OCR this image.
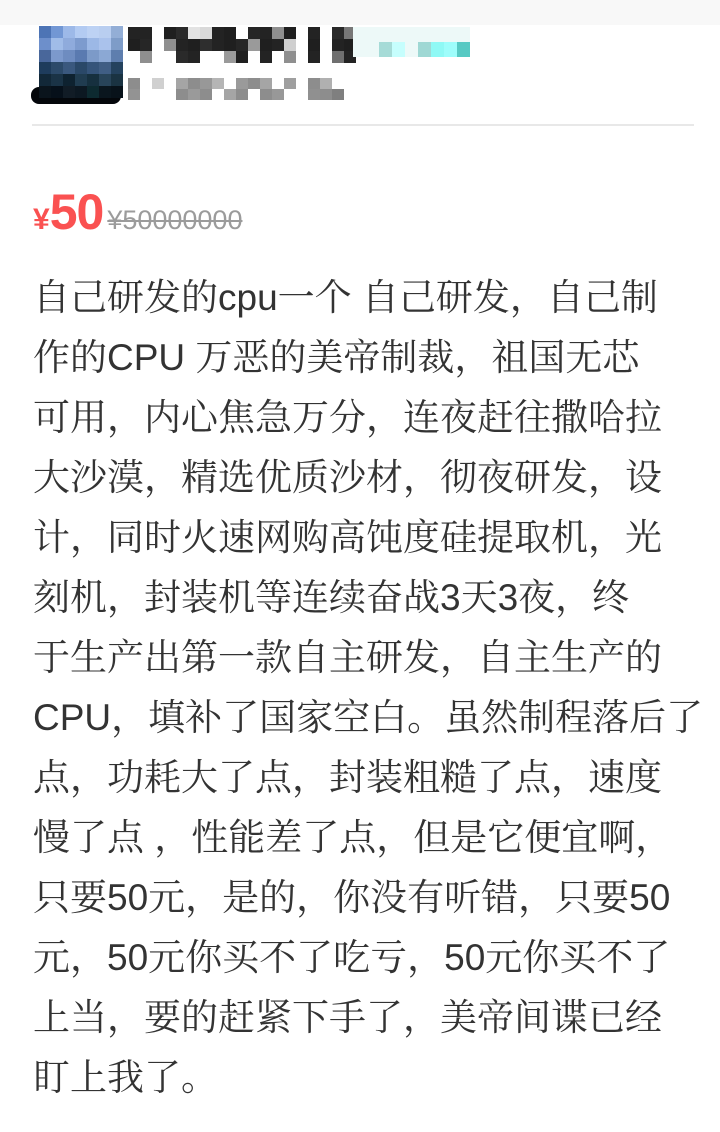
¥ 50 ¥50000000
自己研发的cpu一个 自己研发，自己制
作的CPU 万恶的美帝制裁，祖国无芯
可用，内心焦急万分，连夜赶往撒哈拉
大沙漠，精选优质沙材，彻夜研发，设
计，同时火速网购高饨度硅提取机，光
刻机，封装机等连续奋战3天3夜，终
于生产出第一款自主研发，自主生产的
CPU，填补了国家空白。虽然制程落后了
点，功耗大了点，封装粗糙了点，速度
慢了点 ，性能差了点，但是它便宜啊，
只要50元，是的，你没有听错，只要50
元，50元你买不了吃亏，50元你买不了
上当，要的赶紧下手了，美帝间谍已经
盯上我了。
